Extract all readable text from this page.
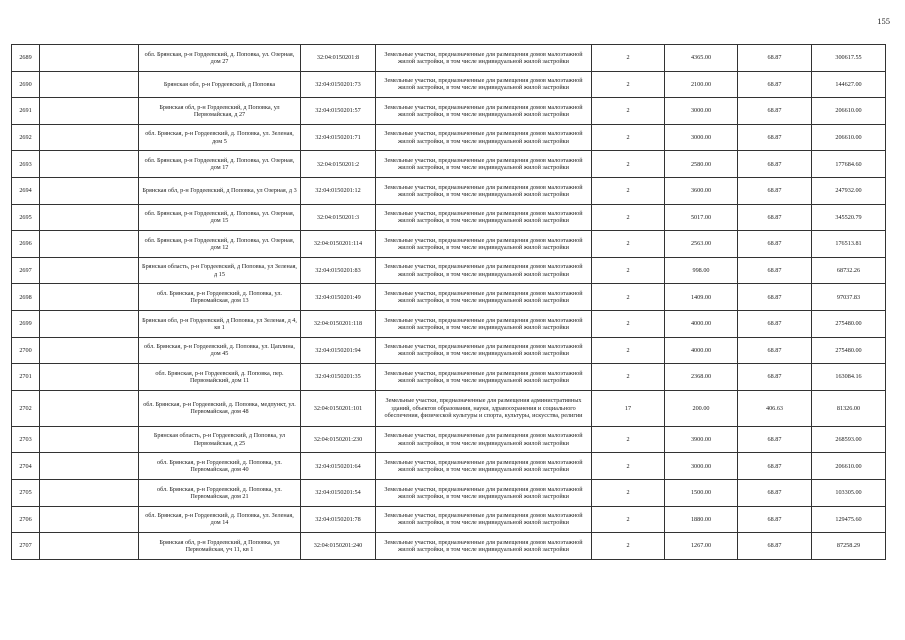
155
2689		обл. Брянская, р-н Гордеевский, д. Поповка, ул. Озерная, дом 27	32:04:0150201:8	Земельные участки, предназначенные для размещения домов малоэтажной жилой застройки, в том числе индивидуальной жилой застройки	2	4365.00	68.87	300617.55
2690		Брянская обл, р-н Гордеевский, д Поповка	32:04:0150201:73	Земельные участки, предназначенные для размещения домов малоэтажной жилой застройки, в том числе индивидуальной жилой застройки	2	2100.00	68.87	144627.00
2691		Брянская обл, р-н Гордеевский, д Поповка, ул Первомайская, д 27	32:04:0150201:57	Земельные участки, предназначенные для размещения домов малоэтажной жилой застройки, в том числе индивидуальной жилой застройки	2	3000.00	68.87	206610.00
2692		обл. Брянская, р-н Гордеевский, д. Поповка, ул. Зеленая, дом 5	32:04:0150201:71	Земельные участки, предназначенные для размещения домов малоэтажной жилой застройки, в том числе индивидуальной жилой застройки	2	3000.00	68.87	206610.00
2693		обл. Брянская, р-н Гордеевский, д. Поповка, ул. Озерная, дом 17	32:04:0150201:2	Земельные участки, предназначенные для размещения домов малоэтажной жилой застройки, в том числе индивидуальной жилой застройки	2	2580.00	68.87	177684.60
2694		Брянская обл, р-н Гордеевский, д Поповка, ул Озерная, д 3	32:04:0150201:12	Земельные участки, предназначенные для размещения домов малоэтажной жилой застройки, в том числе индивидуальной жилой застройки	2	3600.00	68.87	247932.00
2695		обл. Брянская, р-н Гордеевский, д. Поповка, ул. Озерная, дом 15	32:04:0150201:3	Земельные участки, предназначенные для размещения домов малоэтажной жилой застройки, в том числе индивидуальной жилой застройки	2	5017.00	68.87	345520.79
2696		обл. Брянская, р-н Гордеевский, д. Поповка, ул. Озерная, дом 12	32:04:0150201:114	Земельные участки, предназначенные для размещения домов малоэтажной жилой застройки, в том числе индивидуальной жилой застройки	2	2563.00	68.87	176513.81
2697		Брянская область, р-н Гордеевский, д Поповка, ул Зеленая, д 15	32:04:0150201:83	Земельные участки, предназначенные для размещения домов малоэтажной жилой застройки, в том числе индивидуальной жилой застройки	2	998.00	68.87	68732.26
2698		обл. Брянская, р-н Гордеевский, д. Поповка, ул. Первомайская, дом 13	32:04:0150201:49	Земельные участки, предназначенные для размещения домов малоэтажной жилой застройки, в том числе индивидуальной жилой застройки	2	1409.00	68.87	97037.83
2699		Брянская обл, р-н Гордеевский, д Поповка, ул Зеленая, д 4, кв 1	32:04:0150201:118	Земельные участки, предназначенные для размещения домов малоэтажной жилой застройки, в том числе индивидуальной жилой застройки	2	4000.00	68.87	275480.00
2700		обл. Брянская, р-н Гордеевский, д. Поповка, ул. Цаплина, дом 45	32:04:0150201:94	Земельные участки, предназначенные для размещения домов малоэтажной жилой застройки, в том числе индивидуальной жилой застройки	2	4000.00	68.87	275480.00
2701		обл. Брянская, р-н Гордеевский, д. Поповка, пер. Первомайский, дом 11	32:04:0150201:35	Земельные участки, предназначенные для размещения домов малоэтажной жилой застройки, в том числе индивидуальной жилой застройки	2	2368.00	68.87	163084.16
2702		обл. Брянская, р-н Гордеевский, д. Поповка, медпункт, ул. Первомайская, дом 48	32:04:0150201:101	Земельные участки, предназначенные для размещения административных зданий, объектов образования, науки, здравоохранения и социального обеспечения, физической культуры и спорта, культуры, искусства, религии	17	200.00	406.63	81326.00
2703		Брянская область, р-н Гордеевский, д Поповка, ул Первомайская, д 25	32:04:0150201:230	Земельные участки, предназначенные для размещения домов малоэтажной жилой застройки, в том числе индивидуальной жилой застройки	2	3900.00	68.87	268593.00
2704		обл. Брянская, р-н Гордеевский, д. Поповка, ул. Первомайская, дом 40	32:04:0150201:64	Земельные участки, предназначенные для размещения домов малоэтажной жилой застройки, в том числе индивидуальной жилой застройки	2	3000.00	68.87	206610.00
2705		обл. Брянская, р-н Гордеевский, д. Поповка, ул. Первомайская, дом 21	32:04:0150201:54	Земельные участки, предназначенные для размещения домов малоэтажной жилой застройки, в том числе индивидуальной жилой застройки	2	1500.00	68.87	103305.00
2706		обл. Брянская, р-н Гордеевский, д. Поповка, ул. Зеленая, дом 14	32:04:0150201:78	Земельные участки, предназначенные для размещения домов малоэтажной жилой застройки, в том числе индивидуальной жилой застройки	2	1880.00	68.87	129475.60
2707		Брянская обл, р-н Гордеевский, д Поповка, ул Первомайская, уч 11, кв 1	32:04:0150201:240	Земельные участки, предназначенные для размещения домов малоэтажной жилой застройки, в том числе индивидуальной жилой застройки	2	1267.00	68.87	87258.29
